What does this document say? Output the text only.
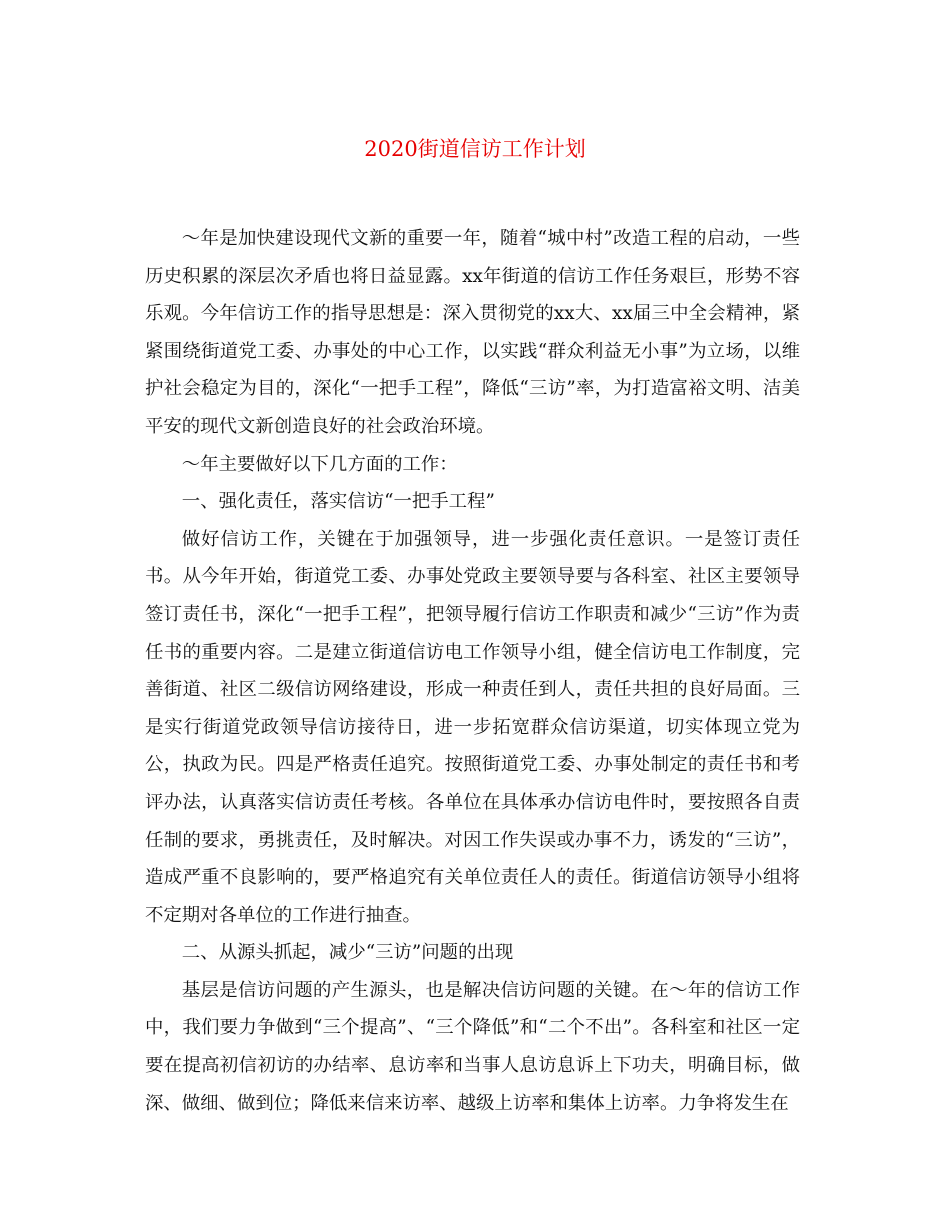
2020街道信访工作计划

～年是加快建设现代文新的重要一年，随着“城中村”改造工程的启动，一些历史积累的深层次矛盾也将日益显露。xx年街道的信访工作任务艰巨，形势不容乐观。今年信访工作的指导思想是：深入贯彻党的xx大、xx届三中全会精神，紧紧围绕街道党工委、办事处的中心工作，以实践“群众利益无小事”为立场，以维护社会稳定为目的，深化“一把手工程”，降低“三访”率，为打造富裕文明、洁美平安的现代文新创造良好的社会政治环境。

～年主要做好以下几方面的工作：

一、强化责任，落实信访“一把手工程”

做好信访工作，关键在于加强领导，进一步强化责任意识。一是签订责任书。从今年开始，街道党工委、办事处党政主要领导要与各科室、社区主要领导签订责任书，深化“一把手工程”，把领导履行信访工作职责和减少“三访”作为责任书的重要内容。二是建立街道信访电工作领导小组，健全信访电工作制度，完善街道、社区二级信访网络建设，形成一种责任到人，责任共担的良好局面。三是实行街道党政领导信访接待日，进一步拓宽群众信访渠道，切实体现立党为公，执政为民。四是严格责任追究。按照街道党工委、办事处制定的责任书和考评办法，认真落实信访责任考核。各单位在具体承办信访电件时，要按照各自责任制的要求，勇挑责任，及时解决。对因工作失误或办事不力，诱发的“三访”，造成严重不良影响的，要严格追究有关单位责任人的责任。街道信访领导小组将不定期对各单位的工作进行抽查。

二、从源头抓起，减少“三访”问题的出现

基层是信访问题的产生源头，也是解决信访问题的关键。在～年的信访工作中，我们要力争做到“三个提高”、“三个降低”和“二个不出”。各科室和社区一定要在提高初信初访的办结率、息访率和当事人息访息诉上下功夫，明确目标，做深、做细、做到位；降低来信来访率、越级上访率和集体上访率。力争将发生在
